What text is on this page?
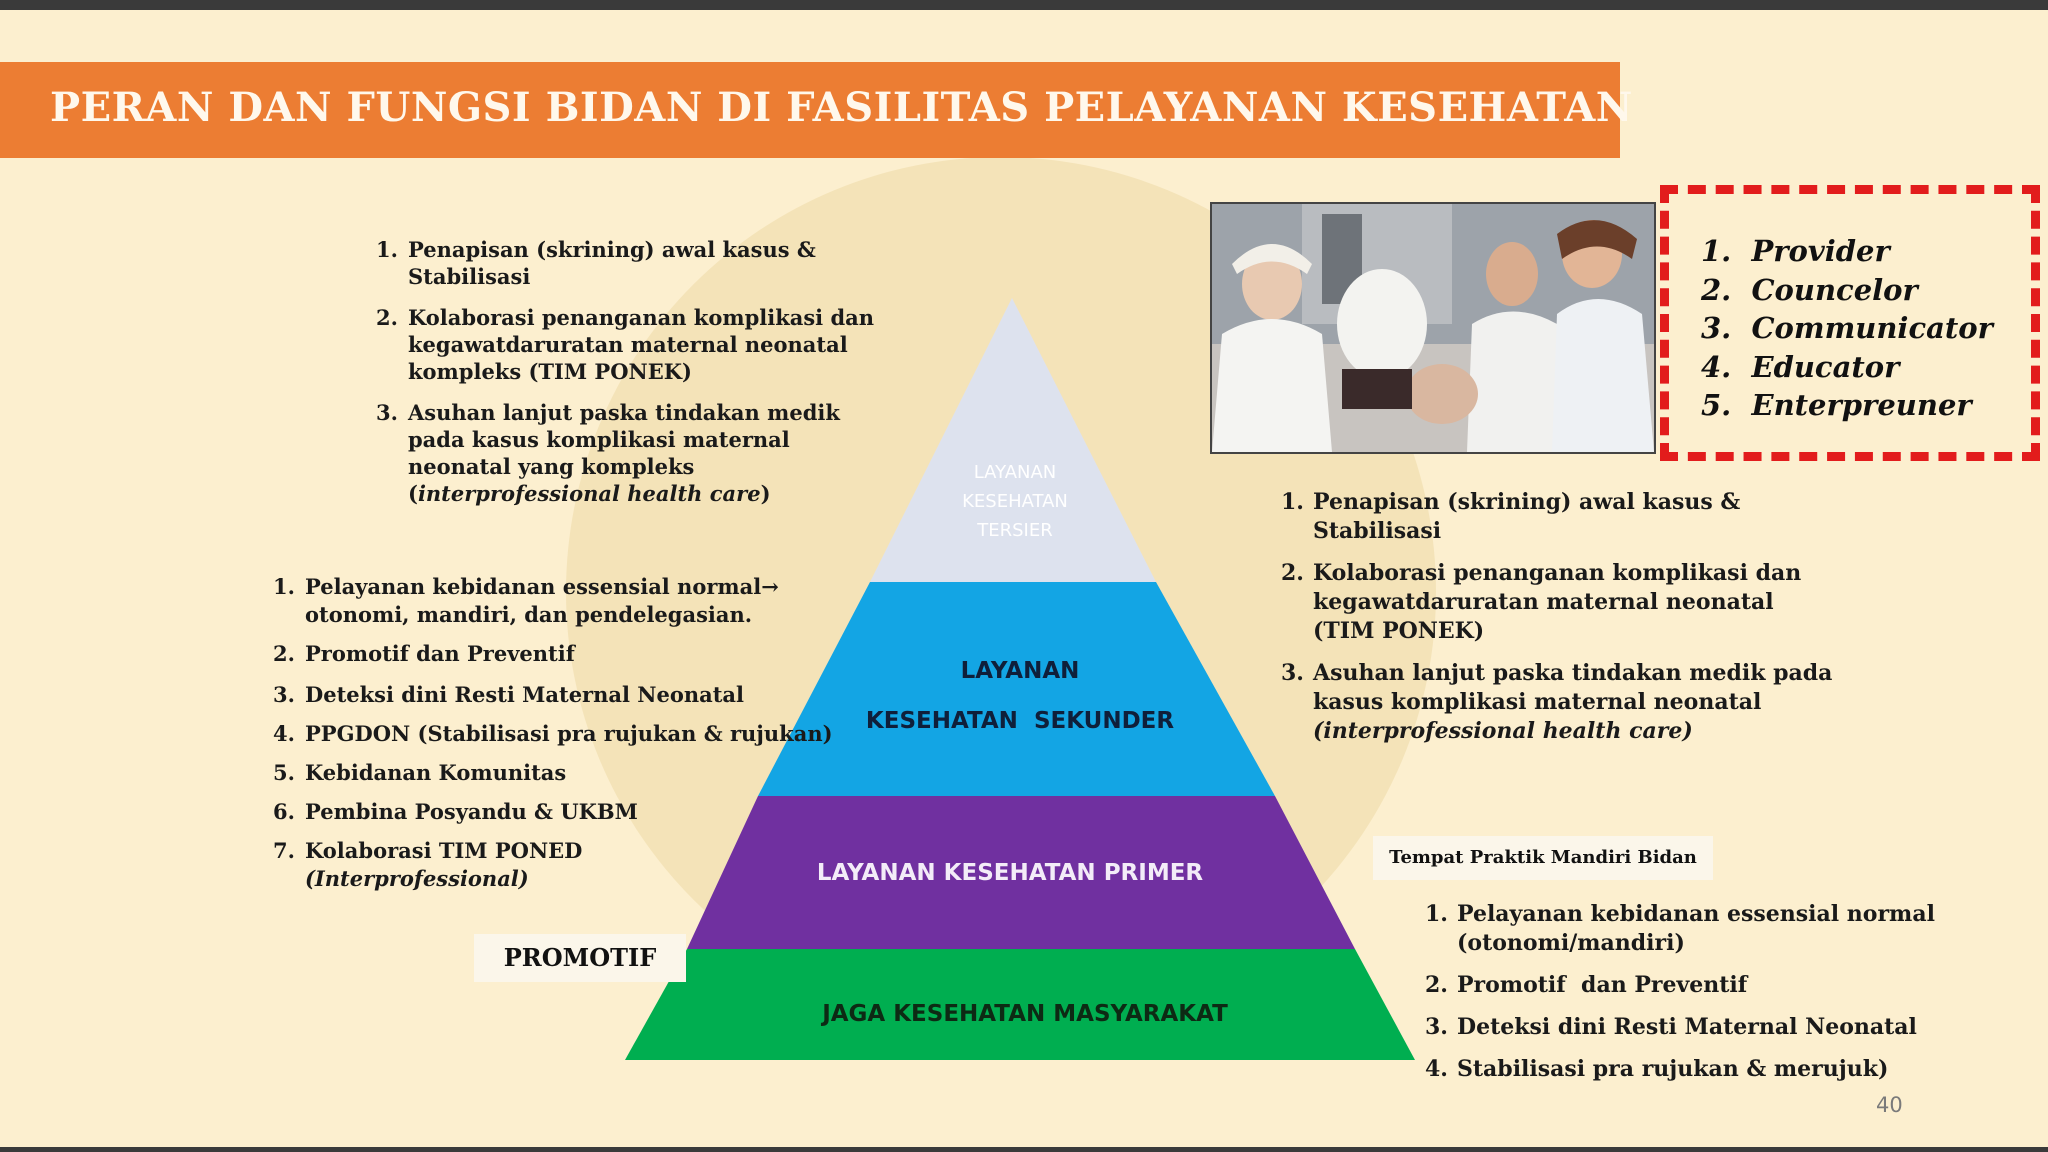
PERAN DAN FUNGSI BIDAN DI FASILITAS PELAYANAN KESEHATAN
LAYANAN
KESEHATAN
TERSIER
LAYANAN
KESEHATAN  SEKUNDER
LAYANAN KESEHATAN PRIMER
JAGA KESEHATAN MASYARAKAT
1. Penapisan (skrining) awal kasus & Stabilisasi
2. Kolaborasi penanganan komplikasi dan kegawatdaruratan maternal neonatal kompleks (TIM PONEK)
3. Asuhan lanjut paska tindakan medik pada kasus komplikasi maternal neonatal yang kompleks (interprofessional health care)
1. Pelayanan kebidanan essensial normal→ otonomi, mandiri, dan pendelegasian.
2. Promotif dan Preventif
3. Deteksi dini Resti Maternal Neonatal
4. PPGDON (Stabilisasi pra rujukan & rujukan)
5. Kebidanan Komunitas
6. Pembina Posyandu & UKBM
7. Kolaborasi TIM PONED
(Interprofessional)
1.  Provider
2.  Councelor
3.  Communicator
4.  Educator
5.  Enterpreuner
1. Penapisan (skrining) awal kasus & Stabilisasi
2. Kolaborasi penanganan komplikasi dan kegawatdaruratan maternal neonatal (TIM PONEK)
3. Asuhan lanjut paska tindakan medik pada kasus komplikasi maternal neonatal (interprofessional health care)
Tempat Praktik Mandiri Bidan
1. Pelayanan kebidanan essensial normal (otonomi/mandiri)
2. Promotif  dan Preventif
3. Deteksi dini Resti Maternal Neonatal
4. Stabilisasi pra rujukan & merujuk)
PROMOTIF
40
